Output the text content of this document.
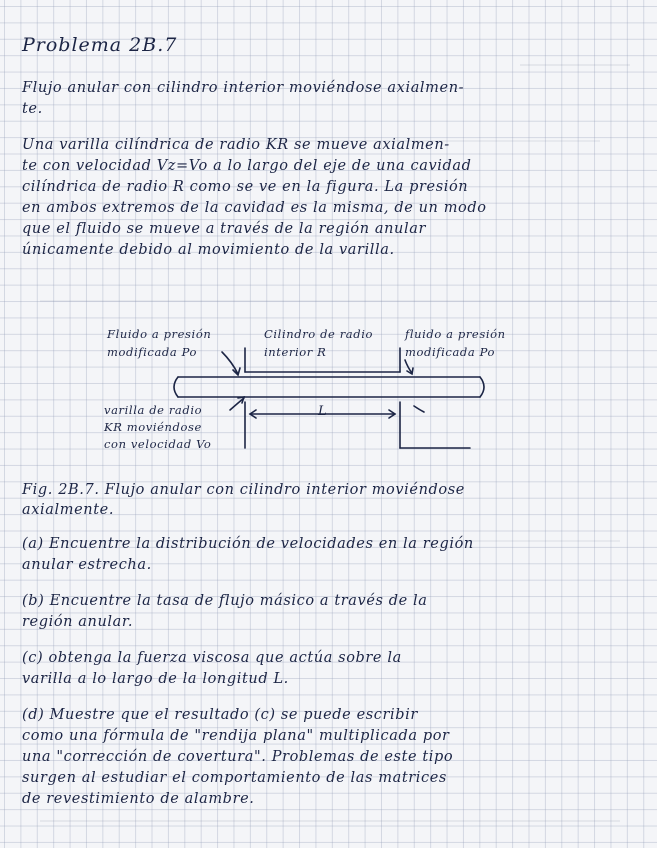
Problema 2B.7
Flujo anular con cilindro interior moviéndose axialmen-
te.
Una varilla cilíndrica de radio KR se mueve axialmen-
te con velocidad Vz=Vo a lo largo del eje de una cavidad
cilíndrica de radio R como se ve en la figura. La presión
en ambos extremos de la cavidad es la misma, de un modo
que el fluido se mueve a través de la región anular
únicamente debido al movimiento de la varilla.
Fluido a presión
modificada Po
Cilindro de radio
interior R
fluido a presión
modificada Po
varilla de radio
KR moviéndose
con velocidad Vo
L
Fig. 2B.7. Flujo anular con cilindro interior moviéndose
axialmente.
(a) Encuentre la distribución de velocidades en la región
anular estrecha.
(b) Encuentre la tasa de flujo másico a través de la
región anular.
(c) obtenga la fuerza viscosa que actúa sobre la
varilla a lo largo de la longitud L.
(d) Muestre que el resultado (c) se puede escribir
como una fórmula de "rendija plana" multiplicada por
una "corrección de covertura". Problemas de este tipo
surgen al estudiar el comportamiento de las matrices
de revestimiento de alambre.
